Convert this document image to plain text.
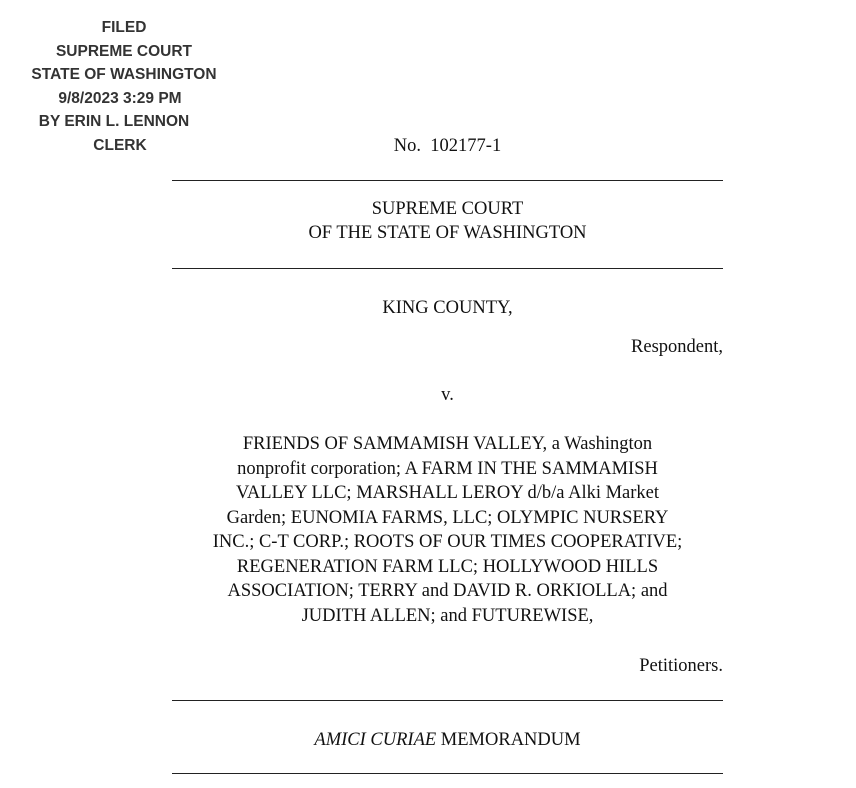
FILED
SUPREME COURT
STATE OF WASHINGTON
9/8/2023 3:29 PM
BY ERIN L. LENNON
CLERK	No.  102177-1
SUPREME COURT
OF THE STATE OF WASHINGTON
KING COUNTY,
Respondent,
v.
FRIENDS OF SAMMAMISH VALLEY, a Washington
nonprofit corporation; A FARM IN THE SAMMAMISH
VALLEY LLC; MARSHALL LEROY d/b/a Alki Market
Garden; EUNOMIA FARMS, LLC; OLYMPIC NURSERY
INC.; C-T CORP.; ROOTS OF OUR TIMES COOPERATIVE;
REGENERATION FARM LLC; HOLLYWOOD HILLS
ASSOCIATION; TERRY and DAVID R. ORKIOLLA; and
JUDITH ALLEN; and FUTUREWISE,
Petitioners.
AMICI CURIAE MEMORANDUM
